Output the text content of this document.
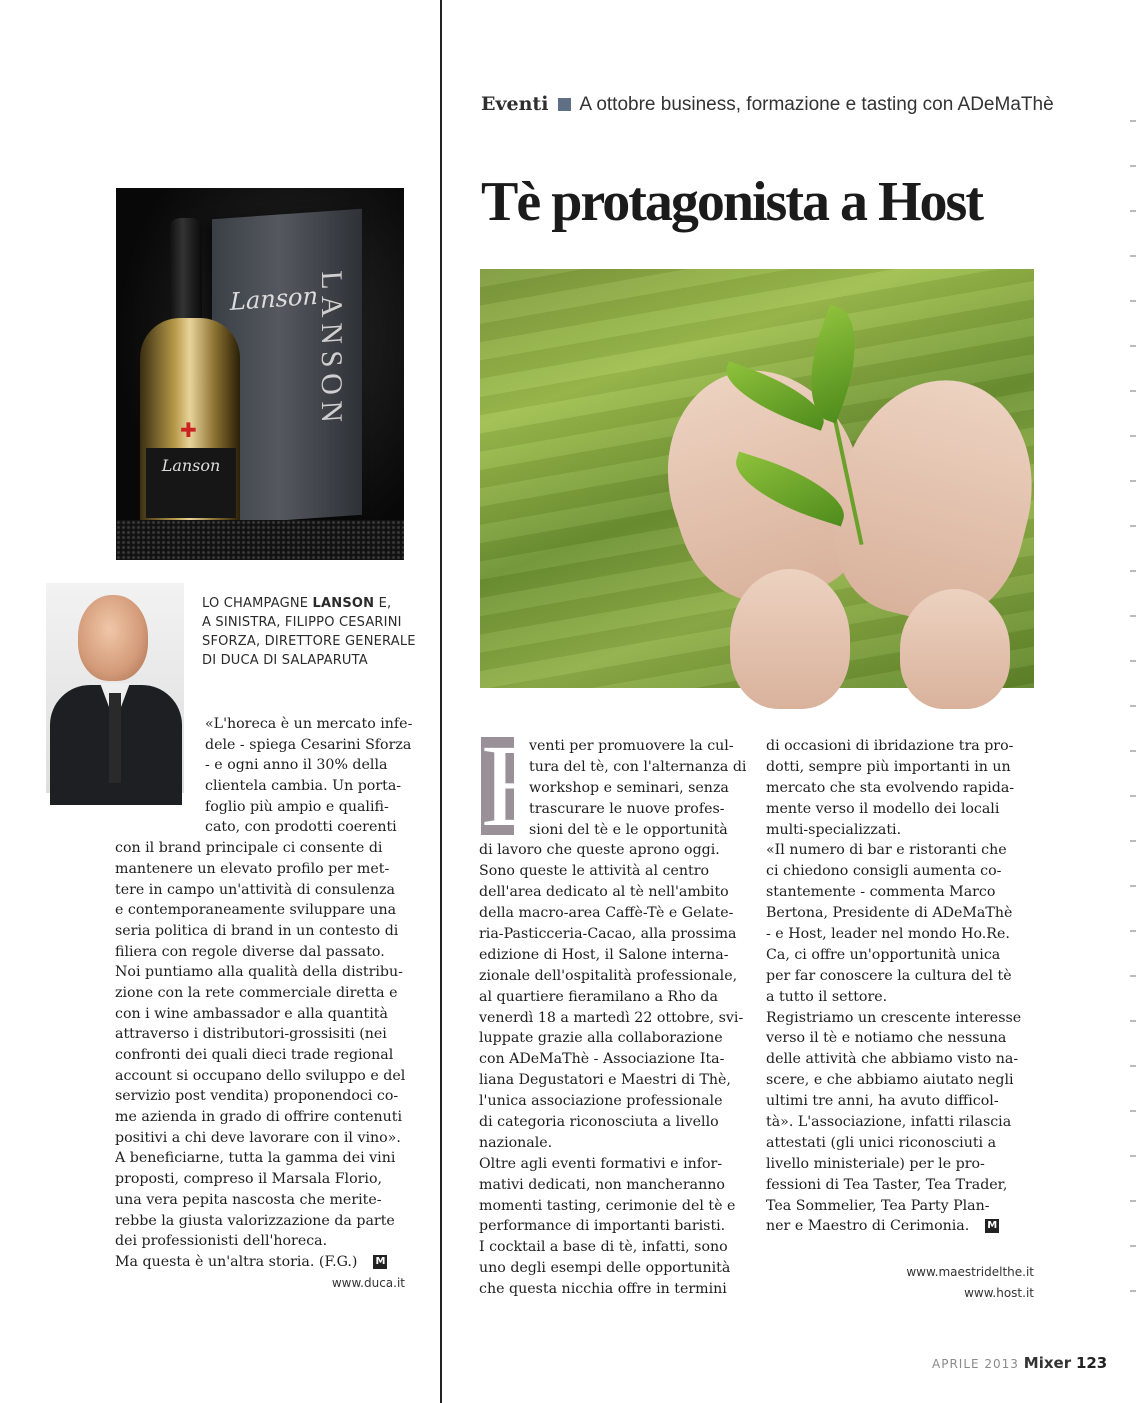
Lanson
LANSON
✚
Lanson
LO CHAMPAGNE LANSON E,
A SINISTRA, FILIPPO CESARINI
SFORZA, DIRETTORE GENERALE
DI DUCA DI SALAPARUTA
«L'horeca è un mercato infe-
dele - spiega Cesarini Sforza
- e ogni anno il 30% della
clientela cambia. Un porta-
foglio più ampio e qualifi-
cato, con prodotti coerenti
con il brand principale ci consente di
mantenere un elevato profilo per met-
tere in campo un'attività di consulenza
e contemporaneamente sviluppare una
seria politica di brand in un contesto di
filiera con regole diverse dal passato.
Noi puntiamo alla qualità della distribu-
zione con la rete commerciale diretta e
con i wine ambassador e alla quantità
attraverso i distributori-grossisiti (nei
confronti dei quali dieci trade regional
account si occupano dello sviluppo e del
servizio post vendita) proponendoci co-
me azienda in grado di offrire contenuti
positivi a chi deve lavorare con il vino».
A beneficiarne, tutta la gamma dei vini
proposti, compreso il Marsala Florio,
una vera pepita nascosta che merite-
rebbe la giusta valorizzazione da parte
dei professionisti dell'horeca.
Ma questa è un'altra storia. (F.G.) M
www.duca.it
Eventi A ottobre business, formazione e tasting con ADeMaThè
Tè protagonista a Host
E
venti per promuovere la cul-
tura del tè, con l'alternanza di
workshop e seminari, senza
trascurare le nuove profes-
sioni del tè e le opportunità
di lavoro che queste aprono oggi.
Sono queste le attività al centro
dell'area dedicato al tè nell'ambito
della macro-area Caffè-Tè e Gelate-
ria-Pasticceria-Cacao, alla prossima
edizione di Host, il Salone interna-
zionale dell'ospitalità professionale,
al quartiere fieramilano a Rho da
venerdì 18 a martedì 22 ottobre, svi-
luppate grazie alla collaborazione
con ADeMaThè - Associazione Ita-
liana Degustatori e Maestri di Thè,
l'unica associazione professionale
di categoria riconosciuta a livello
nazionale.
Oltre agli eventi formativi e infor-
mativi dedicati, non mancheranno
momenti tasting, cerimonie del tè e
performance di importanti baristi.
I cocktail a base di tè, infatti, sono
uno degli esempi delle opportunità
che questa nicchia offre in termini
di occasioni di ibridazione tra pro-
dotti, sempre più importanti in un
mercato che sta evolvendo rapida-
mente verso il modello dei locali
multi-specializzati.
«Il numero di bar e ristoranti che
ci chiedono consigli aumenta co-
stantemente - commenta Marco
Bertona, Presidente di ADeMaThè
- e Host, leader nel mondo Ho.Re.
Ca, ci offre un'opportunità unica
per far conoscere la cultura del tè
a tutto il settore.
Registriamo un crescente interesse
verso il tè e notiamo che nessuna
delle attività che abbiamo visto na-
scere, e che abbiamo aiutato negli
ultimi tre anni, ha avuto difficol-
tà». L'associazione, infatti rilascia
attestati (gli unici riconosciuti a
livello ministeriale) per le pro-
fessioni di Tea Taster, Tea Trader,
Tea Sommelier, Tea Party Plan-
ner e Maestro di Cerimonia. M
www.maestridelthe.it
www.host.it
APRILE 2013 Mixer 123
